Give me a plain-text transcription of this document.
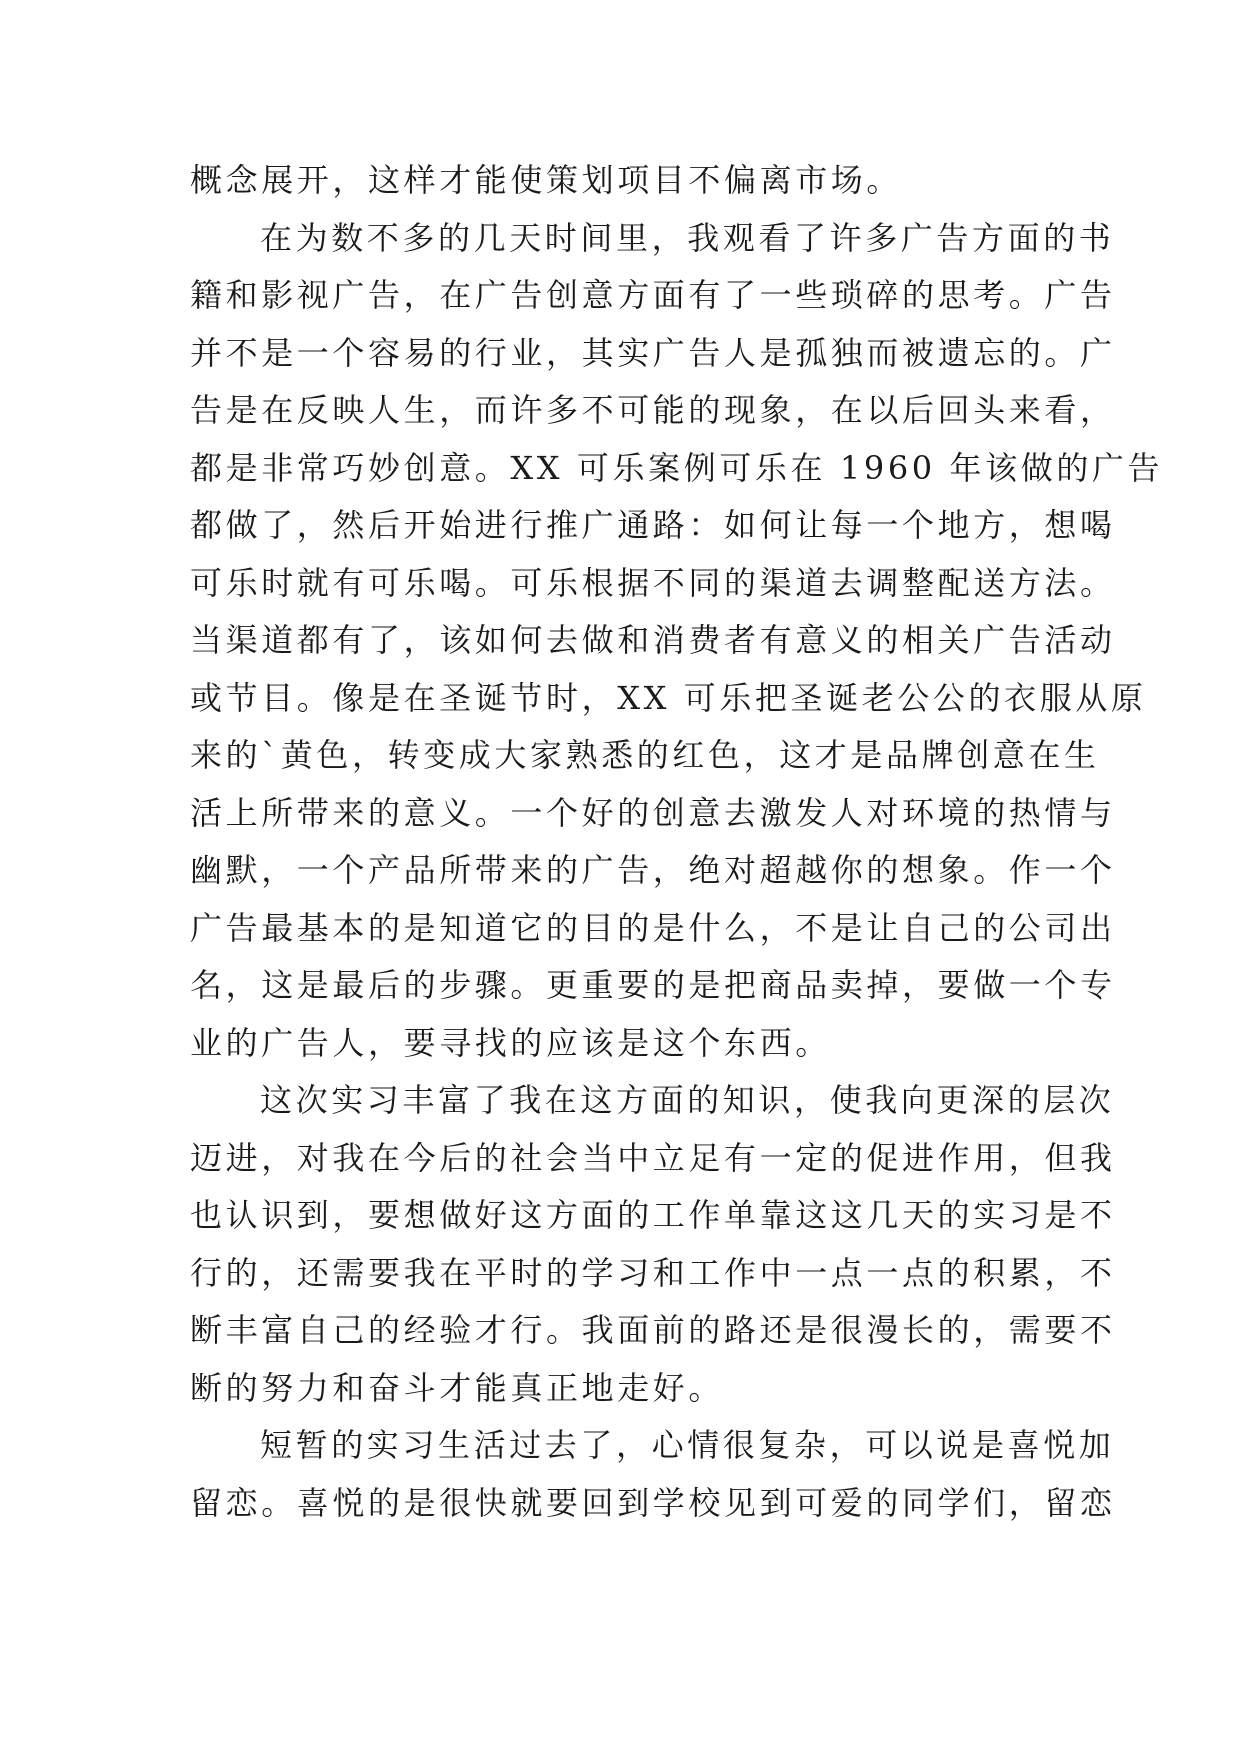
概念展开，这样才能使策划项目不偏离市场。
在为数不多的几天时间里，我观看了许多广告方面的书
籍和影视广告，在广告创意方面有了一些琐碎的思考。广告
并不是一个容易的行业，其实广告人是孤独而被遗忘的。广
告是在反映人生，而许多不可能的现象，在以后回头来看，
都是非常巧妙创意。XX 可乐案例可乐在 1960 年该做的广告
都做了，然后开始进行推广通路：如何让每一个地方，想喝
可乐时就有可乐喝。可乐根据不同的渠道去调整配送方法。
当渠道都有了，该如何去做和消费者有意义的相关广告活动
或节目。像是在圣诞节时，XX 可乐把圣诞老公公的衣服从原
来的`黄色，转变成大家熟悉的红色，这才是品牌创意在生
活上所带来的意义。一个好的创意去激发人对环境的热情与
幽默，一个产品所带来的广告，绝对超越你的想象。作一个
广告最基本的是知道它的目的是什么，不是让自己的公司出
名，这是最后的步骤。更重要的是把商品卖掉，要做一个专
业的广告人，要寻找的应该是这个东西。
这次实习丰富了我在这方面的知识，使我向更深的层次
迈进，对我在今后的社会当中立足有一定的促进作用，但我
也认识到，要想做好这方面的工作单靠这这几天的实习是不
行的，还需要我在平时的学习和工作中一点一点的积累，不
断丰富自己的经验才行。我面前的路还是很漫长的，需要不
断的努力和奋斗才能真正地走好。
短暂的实习生活过去了，心情很复杂，可以说是喜悦加
留恋。喜悦的是很快就要回到学校见到可爱的同学们，留恋
